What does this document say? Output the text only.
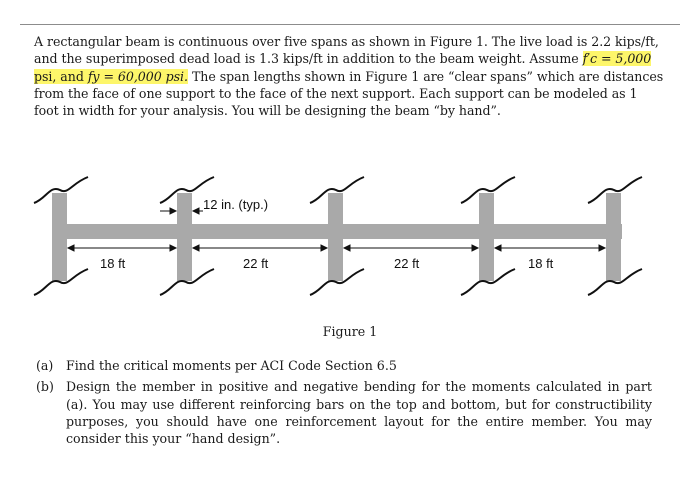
A rectangular beam is continuous over five spans as shown in Figure 1. The live load is 2.2 kips/ft,
and the superimposed dead load is 1.3 kips/ft in addition to the beam weight. Assume f′c = 5,000
psi, and fy = 60,000 psi. The span lengths shown in Figure 1 are “clear spans” which are distances
from the face of one support to the face of the next support. Each support can be modeled as 1
foot in width for your analysis. You will be designing the beam “by hand”.
12 in. (typ.)
18 ft	22 ft	22 ft	18 ft
Figure 1
(a) Find the critical moments per ACI Code Section 6.5
(b) Design the member in positive and negative bending for the moments calculated in part (a). You may use different reinforcing bars on the top and bottom, but for constructibility purposes, you should have one reinforcement layout for the entire member. You may consider this your “hand design”.
